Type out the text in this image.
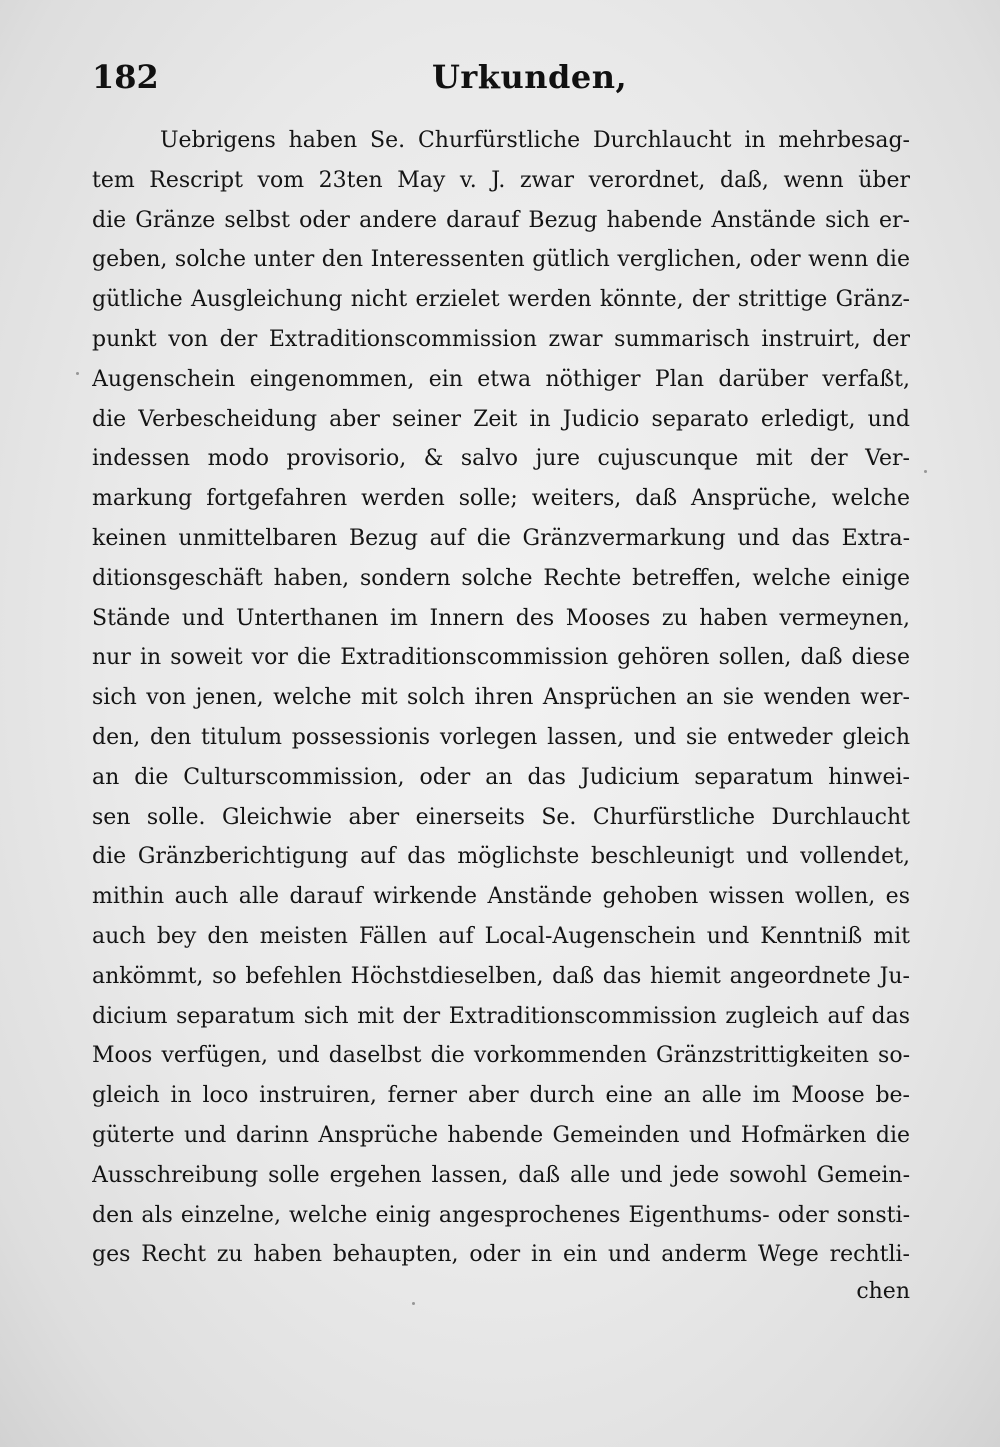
182	Urkunden,
Uebrigens haben Se. Churfürstliche Durchlaucht in mehrbesag-
tem Rescript vom 23ten May v. J. zwar verordnet, daß, wenn über
die Gränze selbst oder andere darauf Bezug habende Anstände sich er-
geben, solche unter den Interessenten gütlich verglichen, oder wenn die
gütliche Ausgleichung nicht erzielet werden könnte, der strittige Gränz-
punkt von der Extraditionscommission zwar summarisch instruirt, der
Augenschein eingenommen, ein etwa nöthiger Plan darüber verfaßt,
die Verbescheidung aber seiner Zeit in Judicio separato erledigt, und
indessen modo provisorio, & salvo jure cujuscunque mit der Ver-
markung fortgefahren werden solle; weiters, daß Ansprüche, welche
keinen unmittelbaren Bezug auf die Gränzvermarkung und das Extra-
ditionsgeschäft haben, sondern solche Rechte betreffen, welche einige
Stände und Unterthanen im Innern des Mooses zu haben vermeynen,
nur in soweit vor die Extraditionscommission gehören sollen, daß diese
sich von jenen, welche mit solch ihren Ansprüchen an sie wenden wer-
den, den titulum possessionis vorlegen lassen, und sie entweder gleich
an die Culturscommission, oder an das Judicium separatum hinwei-
sen solle. Gleichwie aber einerseits Se. Churfürstliche Durchlaucht
die Gränzberichtigung auf das möglichste beschleunigt und vollendet,
mithin auch alle darauf wirkende Anstände gehoben wissen wollen, es
auch bey den meisten Fällen auf Local-Augenschein und Kenntniß mit
ankömmt, so befehlen Höchstdieselben, daß das hiemit angeordnete Ju-
dicium separatum sich mit der Extraditionscommission zugleich auf das
Moos verfügen, und daselbst die vorkommenden Gränzstrittigkeiten so-
gleich in loco instruiren, ferner aber durch eine an alle im Moose be-
güterte und darinn Ansprüche habende Gemeinden und Hofmärken die
Ausschreibung solle ergehen lassen, daß alle und jede sowohl Gemein-
den als einzelne, welche einig angesprochenes Eigenthums- oder sonsti-
ges Recht zu haben behaupten, oder in ein und anderm Wege rechtli-
chen
